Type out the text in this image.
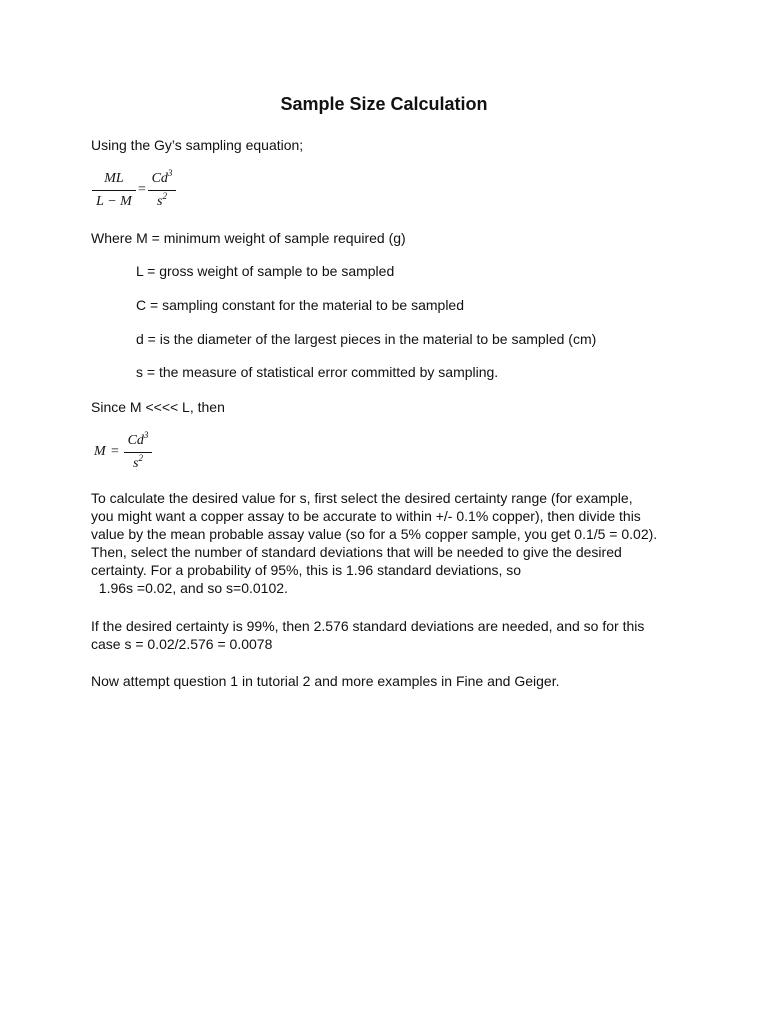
Sample Size Calculation
Using the Gy’s sampling equation;
ML
L − M
=
$Cd^3$
$s^2$
Where M = minimum weight of sample required (g)
L = gross weight of sample to be sampled
C = sampling constant for the material to be sampled
d = is the diameter of the largest pieces in the material to be sampled (cm)
s = the measure of statistical error committed by sampling.
Since M <<<< L, then
M =
$Cd^3$
$s^2$
To calculate the desired value for s, first select the desired certainty range (for example,
you might want a copper assay to be accurate to within +/- 0.1% copper), then divide this
value by the mean probable assay value (so for a 5% copper sample, you get 0.1/5 = 0.02).
Then, select the number of standard deviations that will be needed to give the desired
certainty. For a probability of 95%, this is 1.96 standard deviations, so
1.96s =0.02, and so s=0.0102.
If the desired certainty is 99%, then 2.576 standard deviations are needed, and so for this
case s = 0.02/2.576 = 0.0078
Now attempt question 1 in tutorial 2 and more examples in Fine and Geiger.
